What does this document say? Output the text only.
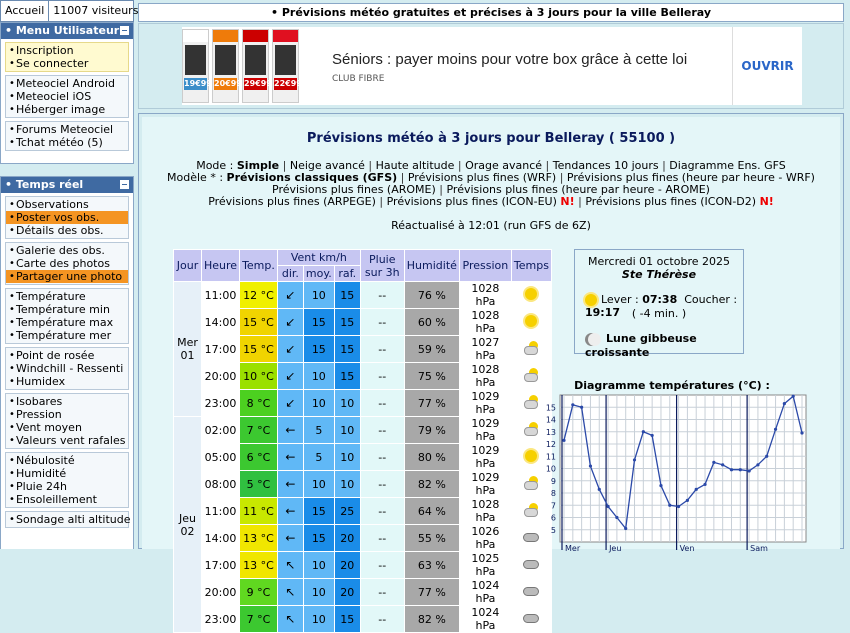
Accueil 11007 visiteurs
• Menu Utilisateur
• Inscription
• Se connecter
• Meteociel Android
• Meteociel iOS
• Héberger image
• Forums Meteociel
• Tchat météo (5)
• Temps réel
• Observations
• Poster vos obs.
• Détails des obs.
• Galerie des obs.
• Carte des photos
• Partager une photo
• Température
• Température min
• Température max
• Température mer
• Point de rosée
• Windchill - Ressenti
• Humidex
• Isobares
• Pression
• Vent moyen
• Valeurs vent rafales
• Nébulosité
• Humidité
• Pluie 24h
• Ensoleillement
• Sondage alti altitude
• Prévisions météo gratuites et précises à 3 jours pour la ville Belleray
19€99 20€99 29€99 22€99
Séniors : payer moins pour votre box grâce à cette loi
CLUB FIBRE
OUVRIR
Prévisions météo à 3 jours pour Belleray ( 55100 )
Mode : Simple | Neige avancé | Haute altitude | Orage avancé | Tendances 10 jours | Diagramme Ens. GFS
Modèle * : Prévisions classiques (GFS) | Prévisions plus fines (WRF) | Prévisions plus fines (heure par heure - WRF)
Prévisions plus fines (AROME) | Prévisions plus fines (heure par heure - AROME)
Prévisions plus fines (ARPEGE) | Prévisions plus fines (ICON-EU) N! | Prévisions plus fines (ICON-D2) N!
Réactualisé à 12:01 (run GFS de 6Z)
Jour	Heure	Temp.	Vent km/h			Pluie sur 3h	Humidité	Pression	Temps
			dir.	moy.	raf.				
Mer 01	11:00	12 °C	↙	10	15	--	76 %	1028 hPa	
	14:00	15 °C	↙	15	15	--	60 %	1028 hPa	
	17:00	15 °C	↙	15	15	--	59 %	1027 hPa	
	20:00	10 °C	↙	10	15	--	75 %	1028 hPa	
	23:00	8 °C	↙	10	10	--	77 %	1029 hPa	
Jeu 02	02:00	7 °C	←	5	10	--	79 %	1029 hPa	
	05:00	6 °C	←	5	10	--	80 %	1029 hPa	
	08:00	5 °C	←	10	10	--	82 %	1029 hPa	
	11:00	11 °C	←	15	25	--	64 %	1028 hPa	
	14:00	13 °C	←	15	20	--	55 %	1026 hPa	
	17:00	13 °C	↖	10	20	--	63 %	1025 hPa	
	20:00	9 °C	↖	10	20	--	77 %	1024 hPa	
	23:00	7 °C	↖	10	15	--	82 %	1024 hPa	
Mercredi 01 octobre 2025
Ste Thérèse
Lever : 07:38 Coucher : 19:17	( -4 min. )
Lune gibbeuse croissante
Diagramme températures (°C) :
5
6
7
8
9
10
11
12
13
14
15
Mer	Jeu	Ven	Sam
